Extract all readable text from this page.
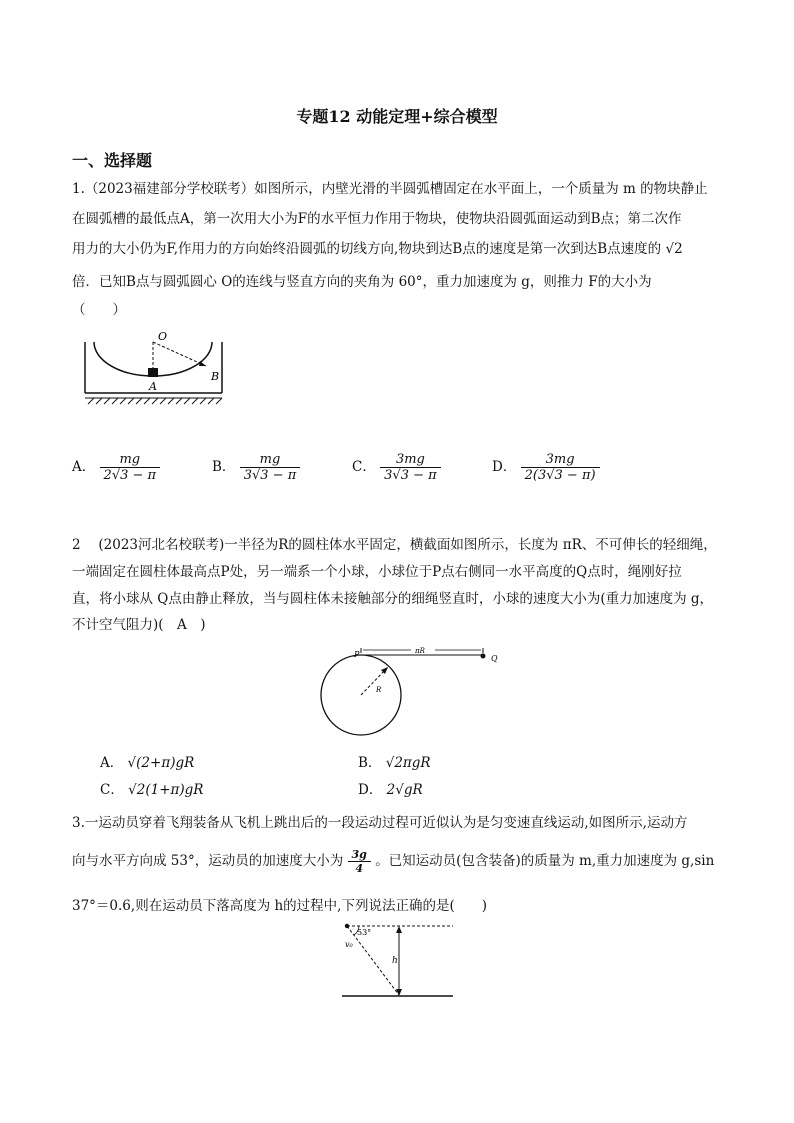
专题12 动能定理+综合模型
一、选择题
1.（2023福建部分学校联考）如图所示，内壁光滑的半圆弧槽固定在水平面上，一个质量为 m 的物块静止
在圆弧槽的最低点A，第一次用大小为F的水平恒力作用于物块，使物块沿圆弧面运动到B点；第二次作
用力的大小仍为F,作用力的方向始终沿圆弧的切线方向,物块到达B点的速度是第一次到达B点速度的 √2
倍．已知B点与圆弧圆心 O的连线与竖直方向的夹角为 60°，重力加速度为 g，则推力 F的大小为
（　　）
O
B
A
A． $\frac{mg}{2√3 - \pi}$	B． $\frac{mg}{3√3 - \pi}$	C． $\frac{3mg}{3√3 - \pi}$	D． $\frac{3mg}{2(3√3 - \pi)}$
2　 (2023河北名校联考)一半径为R的圆柱体水平固定，横截面如图所示，长度为 πR、不可伸长的轻细绳，
一端固定在圆柱体最高点P处，另一端系一个小球，小球位于P点右侧同一水平高度的Q点时，绳刚好拉
直，将小球从 Q点由静止释放，当与圆柱体未接触部分的细绳竖直时，小球的速度大小为(重力加速度为 g，
不计空气阻力)(　A　)
P	Q
πR
R
A． √(2+π)gR	B． √2πgR
C． √2(1+π)gR	D． 2√gR
3.一运动员穿着飞翔装备从飞机上跳出后的一段运动过程可近似认为是匀变速直线运动,如图所示,运动方
向与水平方向成 53°，运动员的加速度大小为 $\frac{3g}{4}$ 。已知运动员(包含装备)的质量为 m,重力加速度为 g,sin
37°＝0.6,则在运动员下落高度为 h的过程中,下列说法正确的是(　　)
53°
v₀
h
